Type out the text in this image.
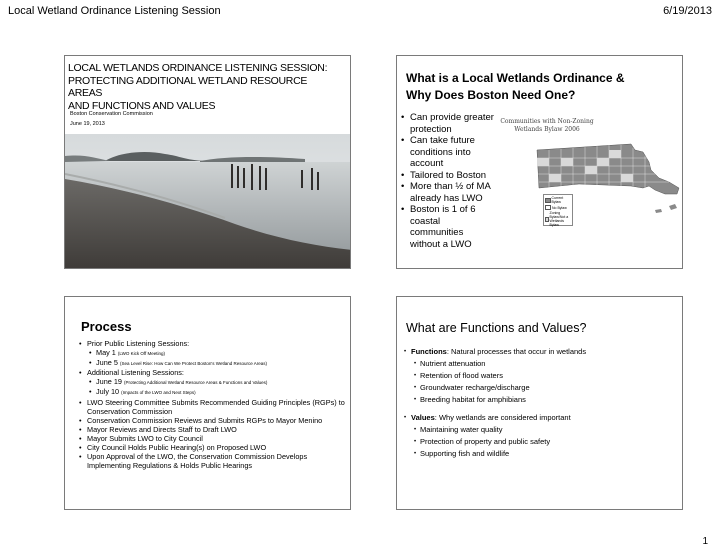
Local Wetland Ordinance Listening Session	6/19/2013
LOCAL WETLANDS ORDINANCE LISTENING SESSION:
PROTECTING ADDITIONAL WETLAND RESOURCE AREAS
AND FUNCTIONS AND VALUES
Boston Conservation Commission
June 19, 2013
What is a Local Wetlands Ordinance &
Why Does Boston Need One?
• Can provide greater
protection
• Can take future
conditions into
account
• Tailored to Boston
• More than ½ of MA
already has LWO
• Boston is 1 of 6
coastal
communities
without a LWO
Communities with Non-Zoning
Wetlands Bylaw 2006
Current Bylaw
No Bylaw
Zoning Bylaw/Not a Wetlands Bylaw
Process
• Prior Public Listening Sessions:
• May 1 (LWO Kick Off Meeting)
• June 5 (Sea Level Rise: How Can We Protect Boston's Wetland Resource Areas)
• Additional Listening Sessions:
• June 19 (Protecting Additional Wetland Resource Areas & Functions and Values)
• July 10 (Impacts of the LWO and Next Steps)
• LWO Steering Committee Submits Recommended Guiding Principles (RGPs) to Conservation Commission
• Conservation Commission Reviews and Submits RGPs to Mayor Menino
• Mayor Reviews and Directs Staff to Draft LWO
• Mayor Submits LWO to City Council
• City Council Holds Public Hearing(s) on Proposed LWO
• Upon Approval of the LWO, the Conservation Commission Develops Implementing Regulations & Holds Public Hearings
What are Functions and Values?
• Functions: Natural processes that occur in wetlands
• Nutrient attenuation
• Retention of flood waters
• Groundwater recharge/discharge
• Breeding habitat for amphibians
• Values: Why wetlands are considered important
• Maintaining water quality
• Protection of property and public safety
• Supporting fish and wildlife
1
